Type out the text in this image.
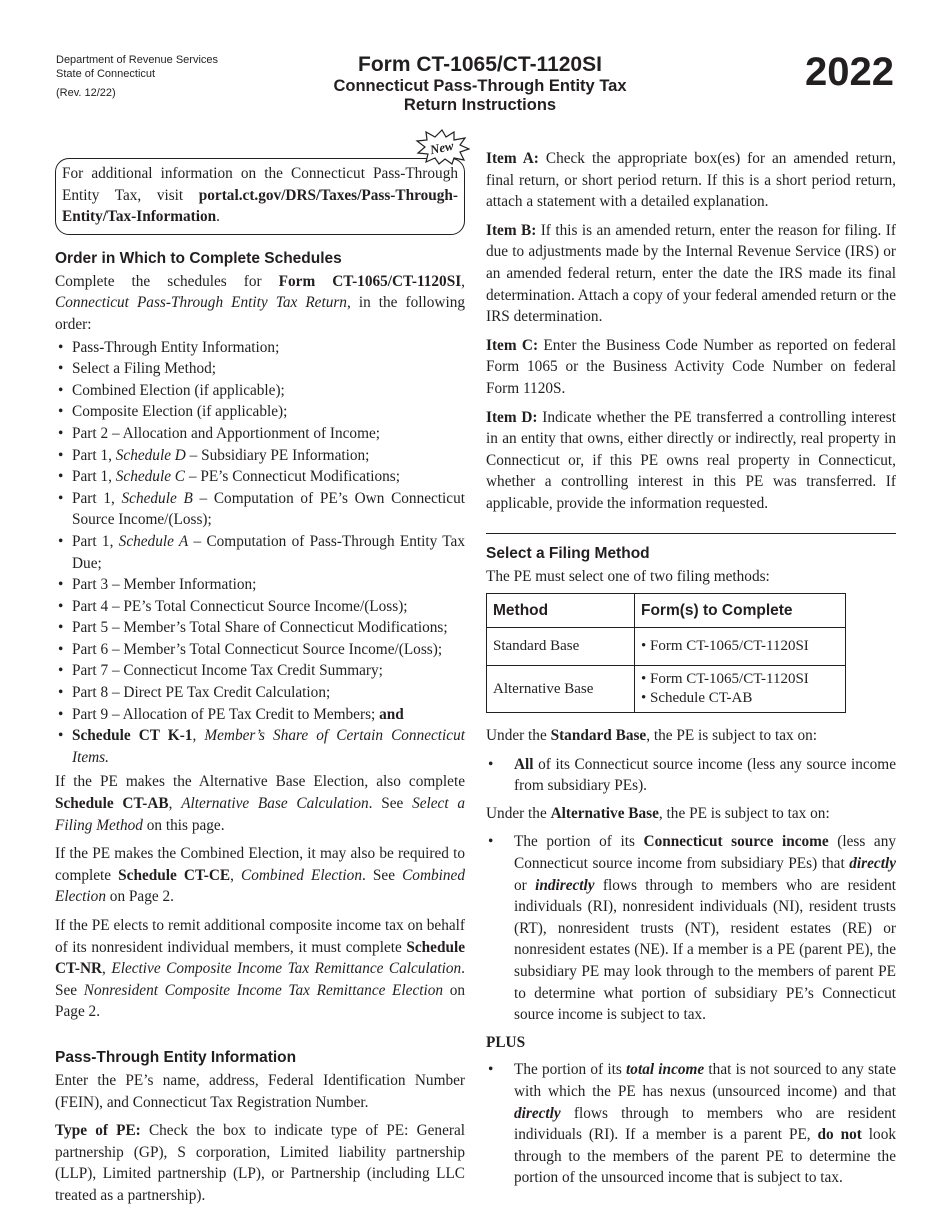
Department of Revenue Services
State of Connecticut
(Rev. 12/22)
Form CT-1065/CT-1120SI
Connecticut Pass-Through Entity Tax
Return Instructions
2022
New

For additional information on the Connecticut Pass-Through Entity Tax, visit portal.ct.gov/DRS/Taxes/Pass-Through-Entity/Tax-Information.

Order in Which to Complete Schedules

Complete the schedules for Form CT-1065/CT-1120SI, Connecticut Pass-Through Entity Tax Return, in the following order:

• Pass-Through Entity Information;
• Select a Filing Method;
• Combined Election (if applicable);
• Composite Election (if applicable);
• Part 2 – Allocation and Apportionment of Income;
• Part 1, Schedule D – Subsidiary PE Information;
• Part 1, Schedule C – PE’s Connecticut Modifications;
• Part 1, Schedule B – Computation of PE’s Own Connecticut Source Income/(Loss);
• Part 1, Schedule A – Computation of Pass-Through Entity Tax Due;
• Part 3 – Member Information;
• Part 4 – PE’s Total Connecticut Source Income/(Loss);
• Part 5 – Member’s Total Share of Connecticut Modifications;
• Part 6 – Member’s Total Connecticut Source Income/(Loss);
• Part 7 – Connecticut Income Tax Credit Summary;
• Part 8 – Direct PE Tax Credit Calculation;
• Part 9 – Allocation of PE Tax Credit to Members; and
• Schedule CT K-1, Member’s Share of Certain Connecticut Items.

If the PE makes the Alternative Base Election, also complete Schedule CT-AB, Alternative Base Calculation. See Select a Filing Method on this page.

If the PE makes the Combined Election, it may also be required to complete Schedule CT-CE, Combined Election. See Combined Election on Page 2.

If the PE elects to remit additional composite income tax on behalf of its nonresident individual members, it must complete Schedule CT-NR, Elective Composite Income Tax Remittance Calculation. See Nonresident Composite Income Tax Remittance Election on Page 2.

Pass-Through Entity Information

Enter the PE’s name, address, Federal Identification Number (FEIN), and Connecticut Tax Registration Number.

Type of PE: Check the box to indicate type of PE: General partnership (GP), S corporation, Limited liability partnership (LLP), Limited partnership (LP), or Partnership (including LLC treated as a partnership).

Item A: Check the appropriate box(es) for an amended return, final return, or short period return. If this is a short period return, attach a statement with a detailed explanation.

Item B: If this is an amended return, enter the reason for filing. If due to adjustments made by the Internal Revenue Service (IRS) or an amended federal return, enter the date the IRS made its final determination. Attach a copy of your federal amended return or the IRS determination.

Item C: Enter the Business Code Number as reported on federal Form 1065 or the Business Activity Code Number on federal Form 1120S.

Item D: Indicate whether the PE transferred a controlling interest in an entity that owns, either directly or indirectly, real property in Connecticut or, if this PE owns real property in Connecticut, whether a controlling interest in this PE was transferred. If applicable, provide the information requested.

Select a Filing Method

The PE must select one of two filing methods:

Method	Form(s) to Complete
Standard Base	• Form CT-1065/CT-1120SI
Alternative Base	• Form CT-1065/CT-1120SI
• Schedule CT-AB

Under the Standard Base, the PE is subject to tax on:

• All of its Connecticut source income (less any source income from subsidiary PEs).

Under the Alternative Base, the PE is subject to tax on:

• The portion of its Connecticut source income (less any Connecticut source income from subsidiary PEs) that directly or indirectly flows through to members who are resident individuals (RI), nonresident individuals (NI), resident trusts (RT), nonresident trusts (NT), resident estates (RE) or nonresident estates (NE). If a member is a PE (parent PE), the subsidiary PE may look through to the members of parent PE to determine what portion of subsidiary PE’s Connecticut source income is subject to tax.
PLUS
• The portion of its total income that is not sourced to any state with which the PE has nexus (unsourced income) and that directly flows through to members who are resident individuals (RI). If a member is a parent PE, do not look through to the members of the parent PE to determine the portion of the unsourced income that is subject to tax.
